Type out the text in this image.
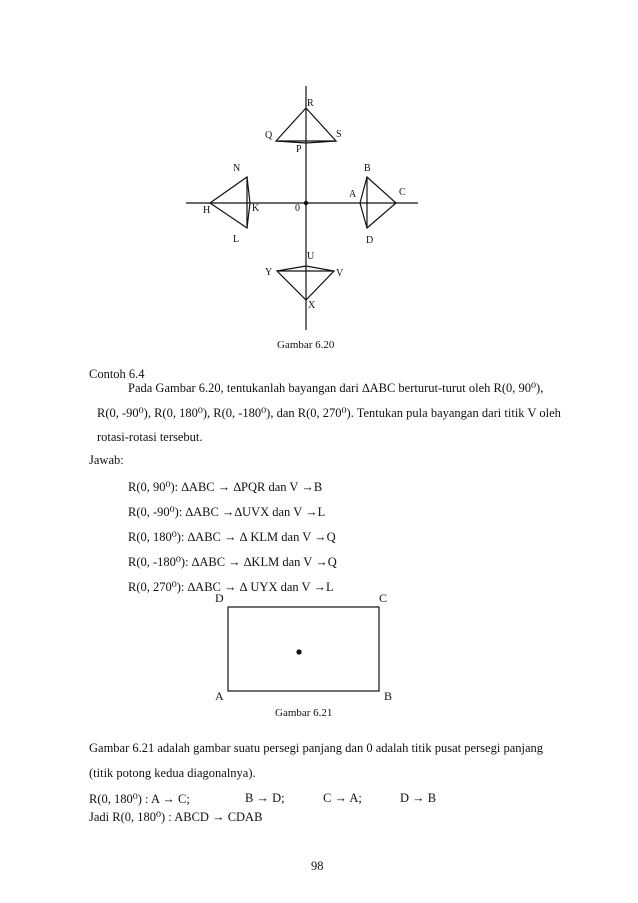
R
Q	S
P
N
H	K
L
0
B
A	C
D
U
Y	V
X
Gambar 6.20
Contoh 6.4
Pada Gambar 6.20, tentukanlah bayangan dari ∆ABC berturut-turut oleh R(0, 90⁰),
R(0, -90⁰), R(0, 180⁰), R(0, -180⁰), dan R(0, 270⁰). Tentukan pula bayangan dari titik V oleh
rotasi-rotasi tersebut.
Jawab:
R(0, 90⁰): ∆ABC → ∆PQR dan V →B
R(0, -90⁰): ∆ABC →∆UVX dan V →L
R(0, 180⁰): ∆ABC → ∆ KLM dan V →Q
R(0, -180⁰): ∆ABC → ∆KLM dan V →Q
R(0, 270⁰): ∆ABC → ∆ UYX dan V →L
D	C
A	B
Gambar 6.21
Gambar 6.21 adalah gambar suatu persegi panjang dan 0 adalah titik pusat persegi panjang
(titik potong kedua diagonalnya).
R(0, 180⁰) : A → C;	B → D;	C → A;	D → B
Jadi R(0, 180⁰) : ABCD → CDAB
98
